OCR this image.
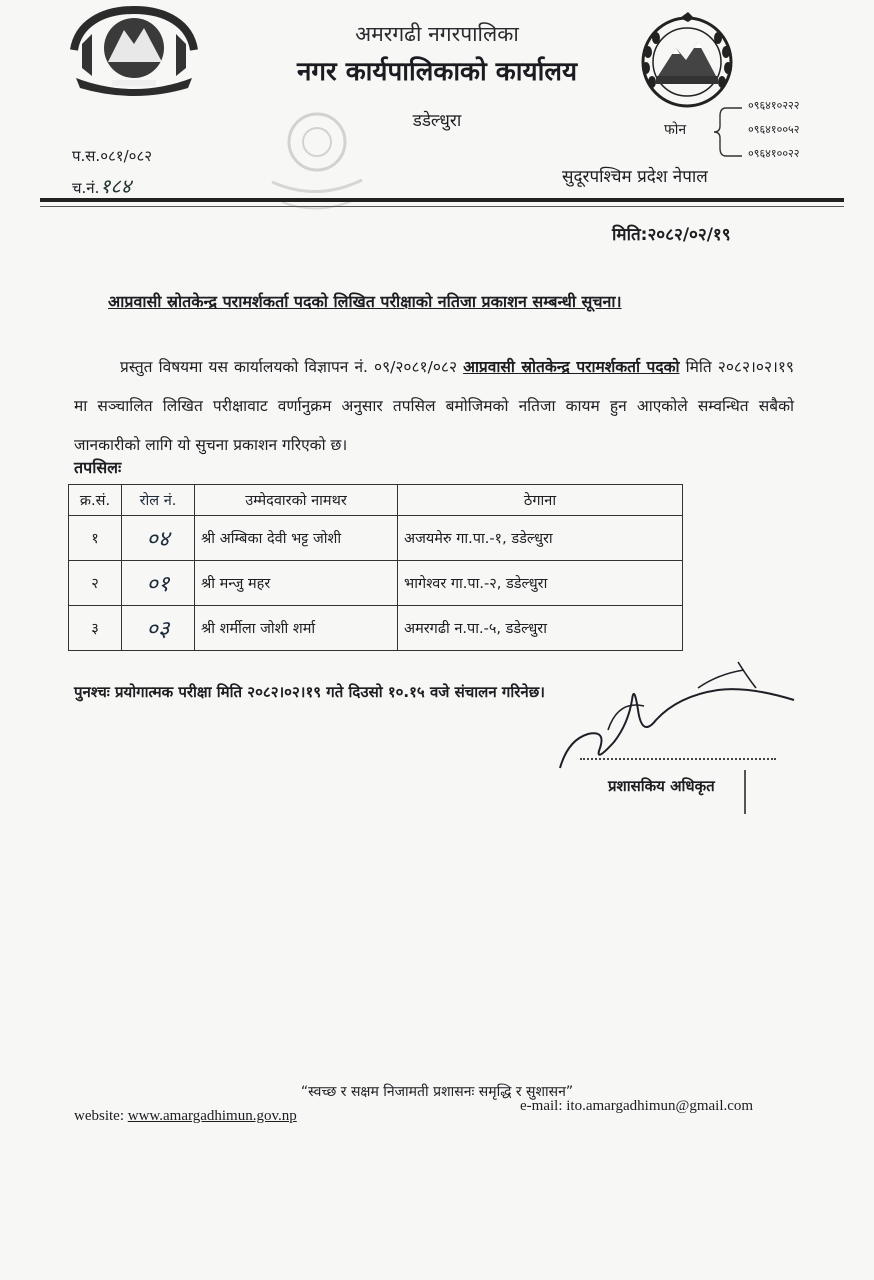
अमरगढी नगरपालिका
नगर कार्यपालिकाको कार्यालय
डडेल्धुरा	फोन
०९६४१०२२२
०९६४१००५२
०९६४१००२२
प.स.०८१/०८२
च.नं. १८४	सुदूरपश्चिम प्रदेश नेपाल
मिति:२०८२/०२/१९
आप्रवासी स्रोतकेन्द्र परामर्शकर्ता पदको लिखित परीक्षाको नतिजा प्रकाशन सम्बन्धी सूचना।
प्रस्तुत विषयमा यस कार्यालयको विज्ञापन नं. ०९/२०८१/०८२ आप्रवासी स्रोतकेन्द्र परामर्शकर्ता पदको मिति २०८२।०२।१९ मा सञ्चालित लिखित परीक्षावाट वर्णानुक्रम अनुसार तपसिल बमोजिमको नतिजा कायम हुन आएकोले सम्वन्धित सबैको जानकारीको लागि यो सुचना प्रकाशन गरिएको छ।
तपसिलः
क्र.सं.	रोल नं.	उम्मेदवारको नामथर	ठेगाना
१	०४	श्री अम्बिका देवी भट्ट जोशी	अजयमेरु गा.पा.-१, डडेल्धुरा
२	०१	श्री मन्जु महर	भागेश्वर गा.पा.-२, डडेल्धुरा
३	०३	श्री शर्मीला जोशी शर्मा	अमरगढी न.पा.-५, डडेल्धुरा
पुनश्चः प्रयोगात्मक परीक्षा मिति २०८२।०२।१९ गते दिउसो १०.१५ वजे संचालन गरिनेछ।
प्रशासकिय अधिकृत
“स्वच्छ र सक्षम निजामती प्रशासनः समृद्धि र सुशासन”
website: www.amargadhimun.gov.np
e-mail: ito.amargadhimun@gmail.com
